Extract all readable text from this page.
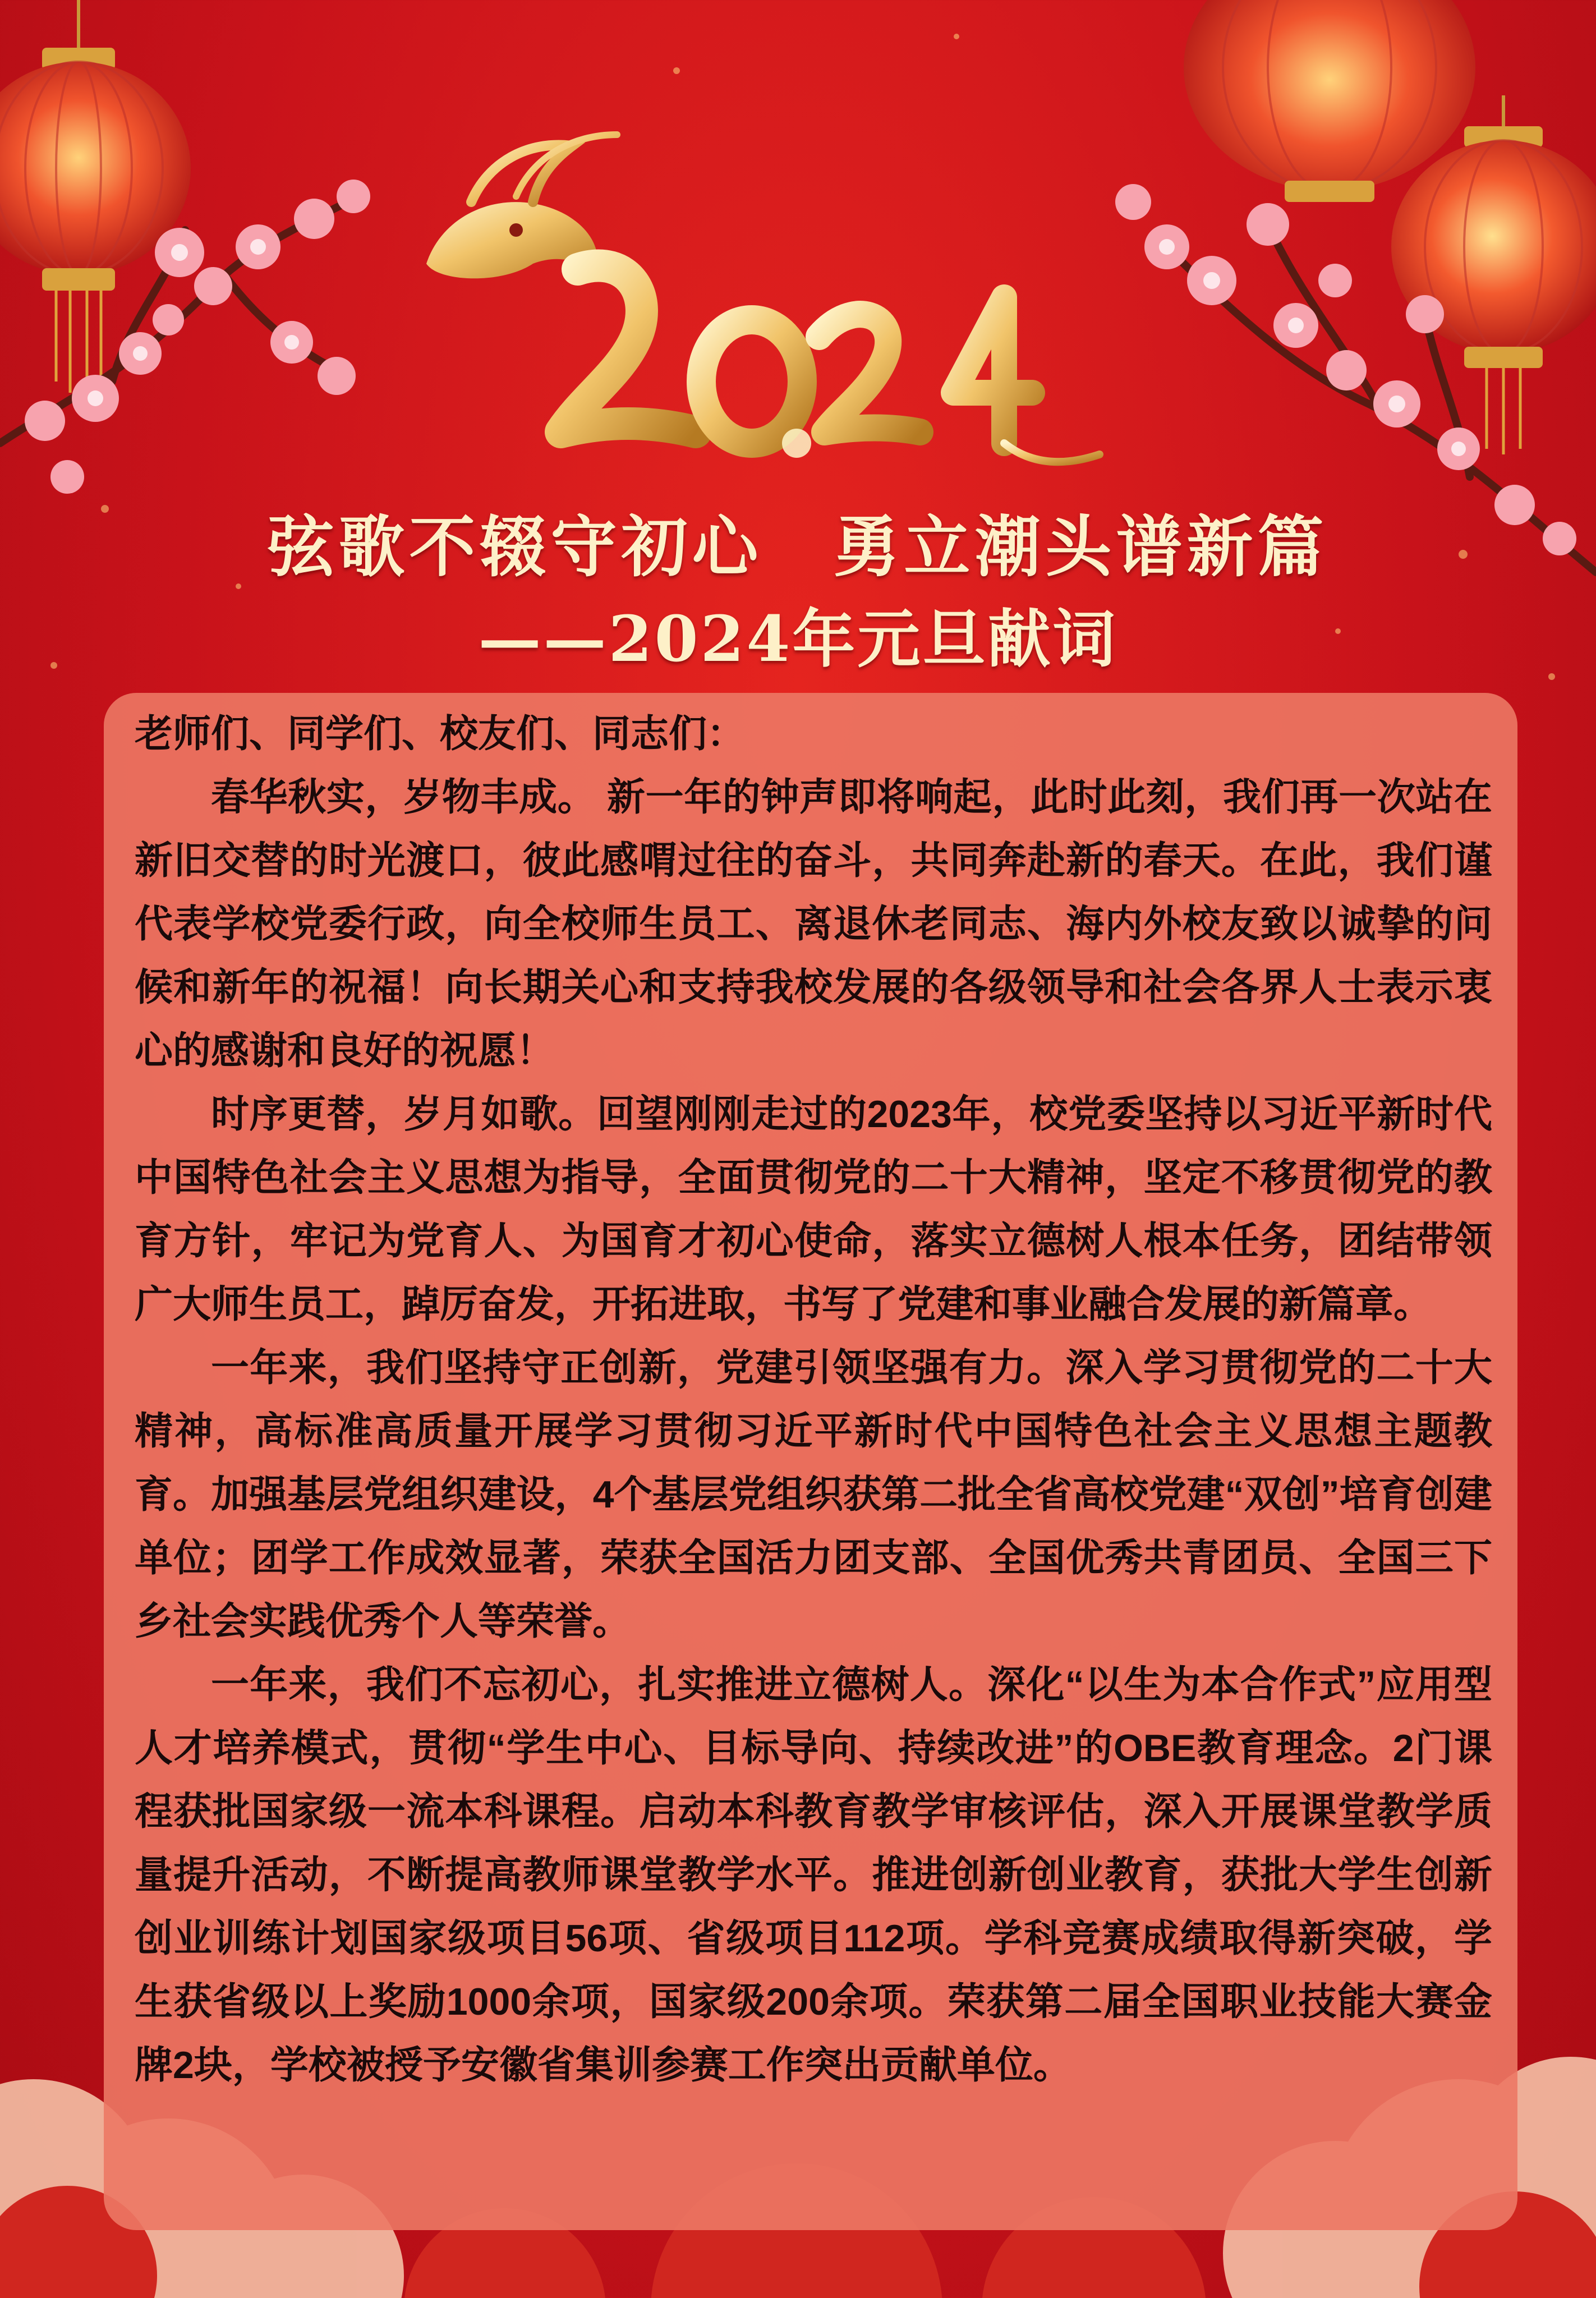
弦歌不辍守初心　勇立潮头谱新篇
——2024年元旦献词

老师们、同学们、校友们、同志们：

春华秋实，岁物丰成。 新一年的钟声即将响起，此时此刻，我们再一次站在新旧交替的时光渡口，彼此感喟过往的奋斗，共同奔赴新的春天。在此，我们谨代表学校党委行政，向全校师生员工、离退休老同志、海内外校友致以诚挚的问候和新年的祝福！向长期关心和支持我校发展的各级领导和社会各界人士表示衷心的感谢和良好的祝愿！

时序更替，岁月如歌。回望刚刚走过的2023年，校党委坚持以习近平新时代中国特色社会主义思想为指导，全面贯彻党的二十大精神，坚定不移贯彻党的教育方针，牢记为党育人、为国育才初心使命，落实立德树人根本任务，团结带领广大师生员工，踔厉奋发，开拓进取，书写了党建和事业融合发展的新篇章。

一年来，我们坚持守正创新，党建引领坚强有力。深入学习贯彻党的二十大精神，高标准高质量开展学习贯彻习近平新时代中国特色社会主义思想主题教育。加强基层党组织建设，4个基层党组织获第二批全省高校党建“双创”培育创建单位；团学工作成效显著，荣获全国活力团支部、全国优秀共青团员、全国三下乡社会实践优秀个人等荣誉。

一年来，我们不忘初心，扎实推进立德树人。深化“以生为本合作式”应用型人才培养模式，贯彻“学生中心、目标导向、持续改进”的OBE教育理念。2门课程获批国家级一流本科课程。启动本科教育教学审核评估，深入开展课堂教学质量提升活动，不断提高教师课堂教学水平。推进创新创业教育，获批大学生创新创业训练计划国家级项目56项、省级项目112项。学科竞赛成绩取得新突破，学生获省级以上奖励1000余项，国家级200余项。荣获第二届全国职业技能大赛金牌2块，学校被授予安徽省集训参赛工作突出贡献单位。
